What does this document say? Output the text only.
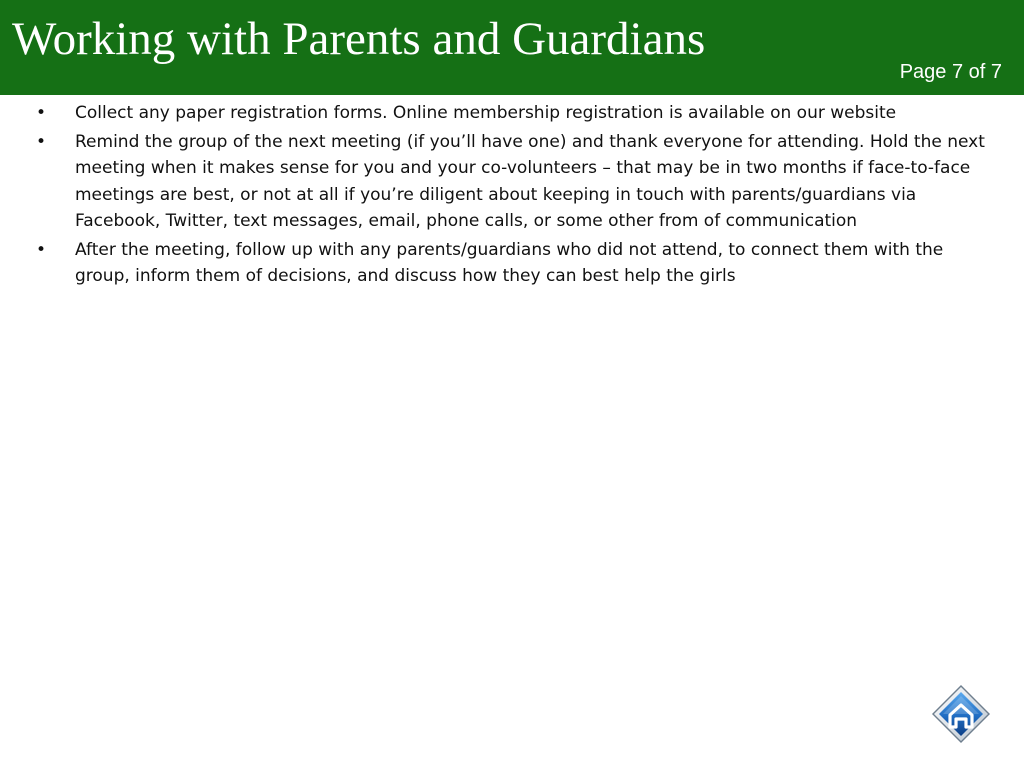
Working with Parents and Guardians
Page 7 of 7
• Collect any paper registration forms. Online membership registration is available on our website
• Remind the group of the next meeting (if you’ll have one) and thank everyone for attending. Hold the next meeting when it makes sense for you and your co-volunteers – that may be in two months if face-to-face meetings are best, or not at all if you’re diligent about keeping in touch with parents/guardians via Facebook, Twitter, text messages, email, phone calls, or some other from of communication
• After the meeting, follow up with any parents/guardians who did not attend, to connect them with the group, inform them of decisions, and discuss how they can best help the girls
